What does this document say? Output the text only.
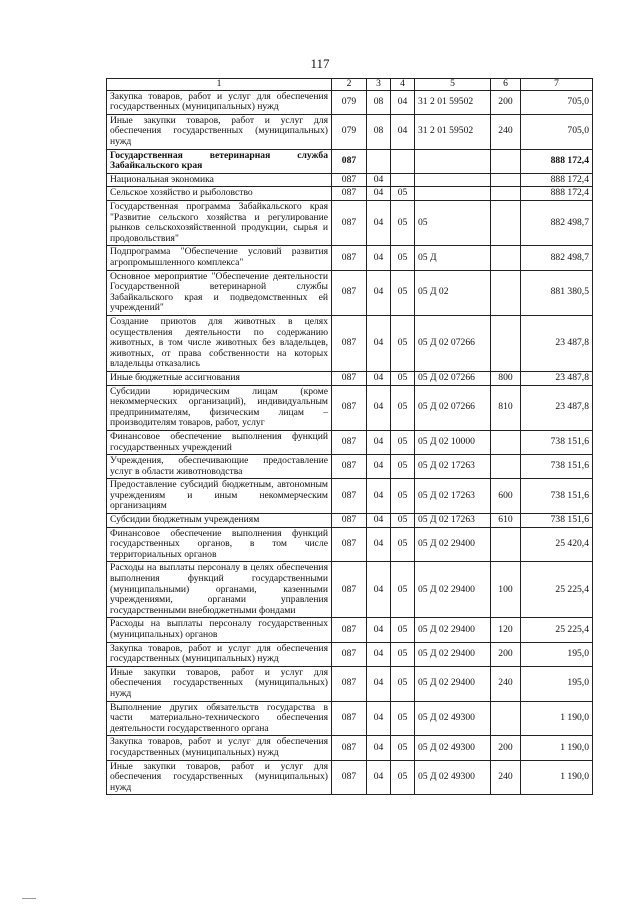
117
1	2	3	4	5	6	7
Закупка товаров, работ и услуг для обеспечения государственных (муниципальных) нужд	079	08	04	31 2 01 59502	200	705,0
Иные закупки товаров, работ и услуг для обеспечения государственных (муниципальных) нужд	079	08	04	31 2 01 59502	240	705,0
Государственная ветеринарная служба Забайкальского края	087					888 172,4
Национальная экономика	087	04				888 172,4
Сельское хозяйство и рыболовство	087	04	05			888 172,4
Государственная программа Забайкальского края "Развитие сельского хозяйства и регулирование рынков сельскохозяйственной продукции, сырья и продовольствия"	087	04	05	05		882 498,7
Подпрограмма "Обеспечение условий развития агропромышленного комплекса"	087	04	05	05 Д		882 498,7
Основное мероприятие "Обеспечение деятельности Государственной ветеринарной службы Забайкальского края и подведомственных ей учреждений"	087	04	05	05 Д 02		881 380,5
Создание приютов для животных в целях осуществления деятельности по содержанию животных, в том числе животных без владельцев, животных, от права собственности на которых владельцы отказались	087	04	05	05 Д 02 07266		23 487,8
Иные бюджетные ассигнования	087	04	05	05 Д 02 07266	800	23 487,8
Субсидии юридическим лицам (кроме некоммерческих организаций), индивидуальным предпринимателям, физическим лицам – производителям товаров, работ, услуг	087	04	05	05 Д 02 07266	810	23 487,8
Финансовое обеспечение выполнения функций государственных учреждений	087	04	05	05 Д 02 10000		738 151,6
Учреждения, обеспечивающие предоставление услуг в области животноводства	087	04	05	05 Д 02 17263		738 151,6
Предоставление субсидий бюджетным, автономным учреждениям и иным некоммерческим организациям	087	04	05	05 Д 02 17263	600	738 151,6
Субсидии бюджетным учреждениям	087	04	05	05 Д 02 17263	610	738 151,6
Финансовое обеспечение выполнения функций государственных органов, в том числе территориальных органов	087	04	05	05 Д 02 29400		25 420,4
Расходы на выплаты персоналу в целях обеспечения выполнения функций государственными (муниципальными) органами, казенными учреждениями, органами управления государственными внебюджетными фондами	087	04	05	05 Д 02 29400	100	25 225,4
Расходы на выплаты персоналу государственных (муниципальных) органов	087	04	05	05 Д 02 29400	120	25 225,4
Закупка товаров, работ и услуг для обеспечения государственных (муниципальных) нужд	087	04	05	05 Д 02 29400	200	195,0
Иные закупки товаров, работ и услуг для обеспечения государственных (муниципальных) нужд	087	04	05	05 Д 02 29400	240	195,0
Выполнение других обязательств государства в части материально-технического обеспечения деятельности государственного органа	087	04	05	05 Д 02 49300		1 190,0
Закупка товаров, работ и услуг для обеспечения государственных (муниципальных) нужд	087	04	05	05 Д 02 49300	200	1 190,0
Иные закупки товаров, работ и услуг для обеспечения государственных (муниципальных) нужд	087	04	05	05 Д 02 49300	240	1 190,0
